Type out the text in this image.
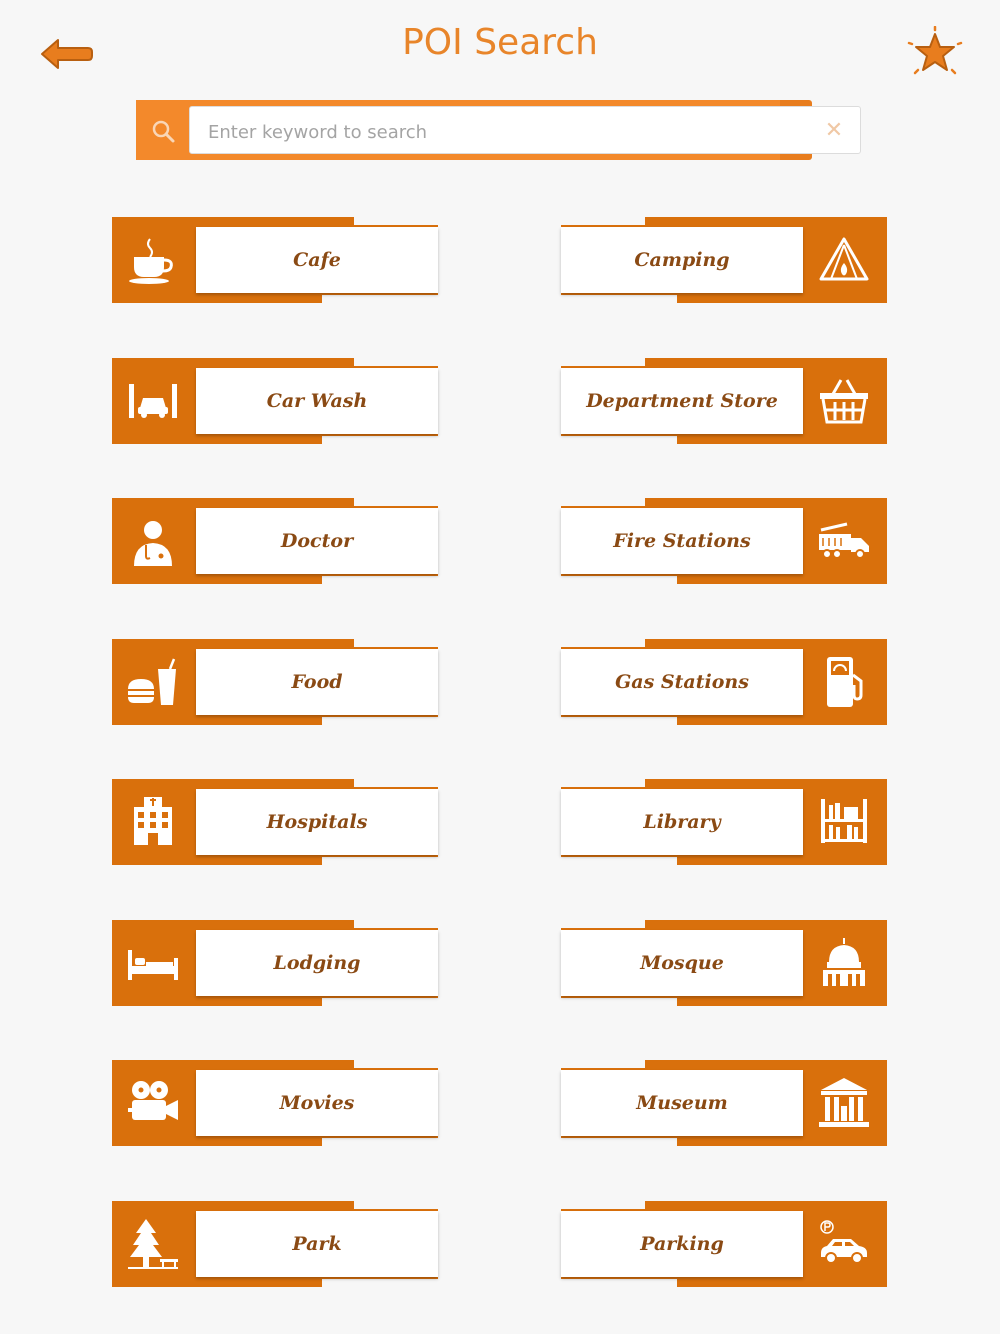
POI Search
Enter keyword to search
✕
Cafe	Camping
Car Wash	Department Store
Doctor	Fire Stations
Food	Gas Stations
Hospitals	Library
Lodging	Mosque
Movies	Museum
Park	Parking
